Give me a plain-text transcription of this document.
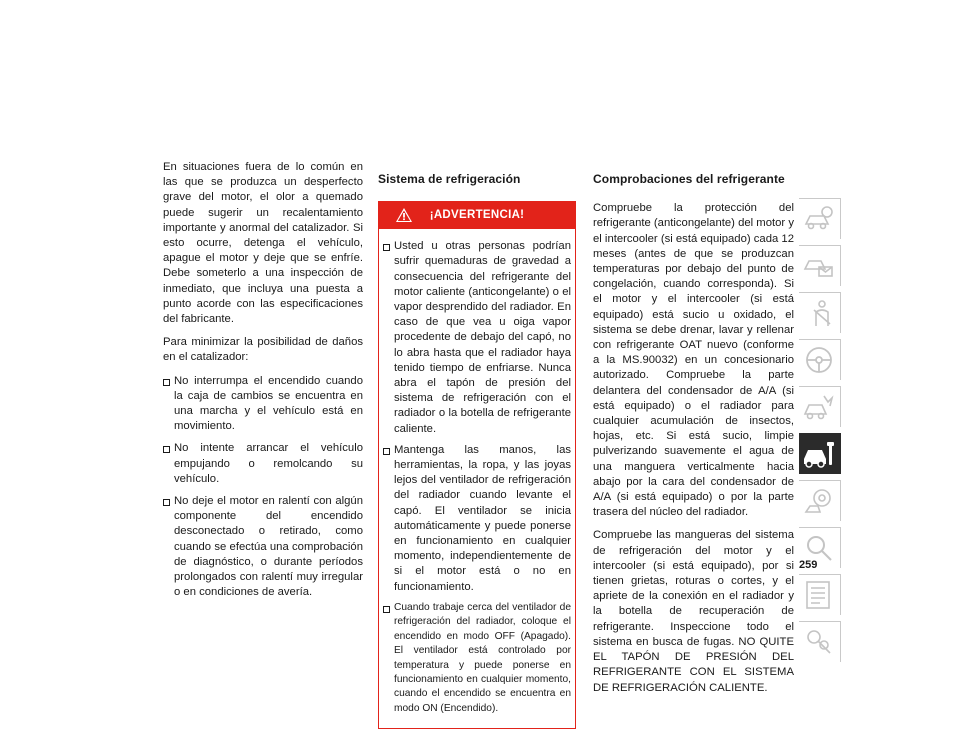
En situaciones fuera de lo común en las que se produzca un desperfecto grave del motor, el olor a quemado puede sugerir un recalentamiento importante y anormal del catalizador. Si esto ocurre, detenga el vehículo, apague el motor y deje que se enfríe. Debe someterlo a una inspección de inmediato, que incluya una puesta a punto acorde con las especificaciones del fabricante.

Para minimizar la posibilidad de daños en el catalizador:

No interrumpa el encendido cuando la caja de cambios se encuentra en una marcha y el vehículo está en movimiento.
No intente arrancar el vehículo empujando o remolcando su vehículo.
No deje el motor en ralentí con algún componente del encendido desconectado o retirado, como cuando se efectúa una comprobación de diagnóstico, o durante períodos prolongados con ralentí muy irregular o en condiciones de avería.
Sistema de refrigeración
¡ADVERTENCIA!
Usted u otras personas podrían sufrir quemaduras de gravedad a consecuencia del refrigerante del motor caliente (anticongelante) o el vapor desprendido del radiador. En caso de que vea u oiga vapor procedente de debajo del capó, no lo abra hasta que el radiador haya tenido tiempo de enfriarse. Nunca abra el tapón de presión del sistema de refrigeración con el radiador o la botella de refrigerante caliente.
Mantenga las manos, las herramientas, la ropa, y las joyas lejos del ventilador de refrigeración del radiador cuando levante el capó. El ventilador se inicia automáticamente y puede ponerse en funcionamiento en cualquier momento, independientemente de si el motor está o no en funcionamiento.
Cuando trabaje cerca del ventilador de refrigeración del radiador, coloque el encendido en modo OFF (Apagado). El ventilador está controlado por temperatura y puede ponerse en funcionamiento en cualquier momento, cuando el encendido se encuentra en modo ON (Encendido).
Comprobaciones del refrigerante

Compruebe la protección del refrigerante (anticongelante) del motor y el intercooler (si está equipado) cada 12 meses (antes de que se produzcan temperaturas por debajo del punto de congelación, cuando corresponda). Si el motor y el intercooler (si está equipado) está sucio u oxidado, el sistema se debe drenar, lavar y rellenar con refrigerante OAT nuevo (conforme a la MS.90032) en un concesionario autorizado. Compruebe la parte delantera del condensador de A/A (si está equipado) o el radiador para cualquier acumulación de insectos, hojas, etc. Si está sucio, limpie pulverizando suavemente el agua de una manguera verticalmente hacia abajo por la cara del condensador de A/A (si está equipado) o por la parte trasera del núcleo del radiador.

Compruebe las mangueras del sistema de refrigeración del motor y el intercooler (si está equipado), por si tienen grietas, roturas o cortes, y el apriete de la conexión en el radiador y la botella de recuperación de refrigerante. Inspeccione todo el sistema en busca de fugas. NO QUITE EL TAPÓN DE PRESIÓN DEL REFRIGERANTE CON EL SISTEMA DE REFRIGERACIÓN CALIENTE.

259
